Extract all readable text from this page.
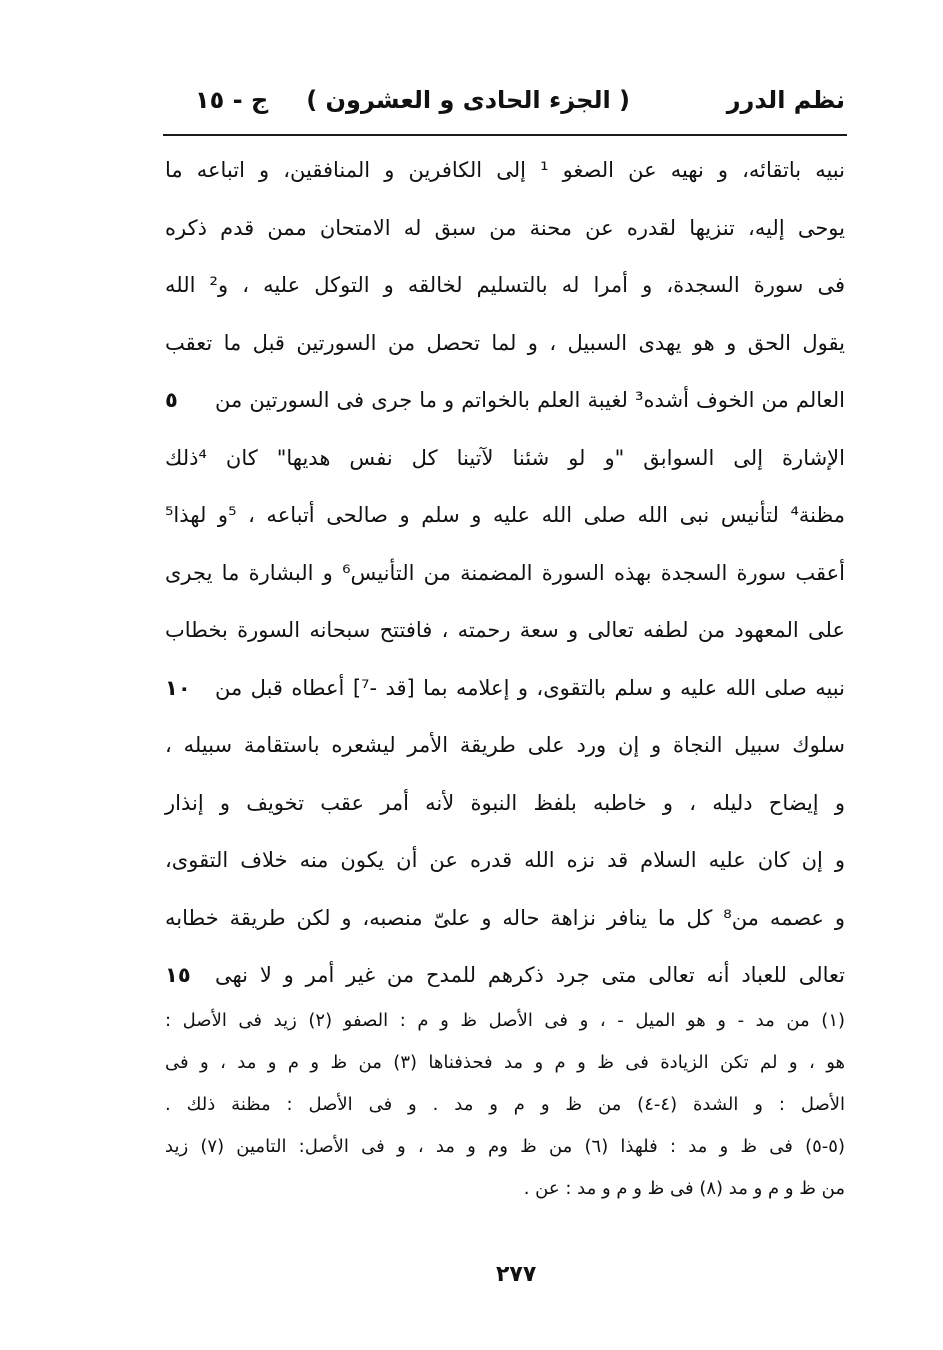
نظم الدرر
( الجزء الحادى و العشرون )
ج - ١٥
نبيه باتقائه، و نهيه عن الصغو ¹ إلى الكافرين و المنافقين، و اتباعه ما
يوحى إليه، تنزيها لقدره عن محنة من سبق له الامتحان ممن قدم ذكره
فى سورة السجدة، و أمرا له بالتسليم لخالقه و التوكل عليه ، و² الله
يقول الحق و هو يهدى السبيل ، و لما تحصل من السورتين قبل ما تعقب
العالم من الخوف أشده³ لغيبة العلم بالخواتم و ما جرى فى السورتين من
٥
الإشارة إلى السوابق "و لو شئنا لآتينا كل نفس هديها" كان ⁴ذلك
مظنة⁴ لتأنيس نبى الله صلى الله عليه و سلم و صالحى أتباعه ، ⁵و لهذا⁵
أعقب سورة السجدة بهذه السورة المضمنة من التأنيس⁶ و البشارة ما يجرى
على المعهود من لطفه تعالى و سعة رحمته ، فافتتح سبحانه السورة بخطاب
نبيه صلى الله عليه و سلم بالتقوى، و إعلامه بما [قد -⁷] أعطاه قبل من
١٠
سلوك سبيل النجاة و إن ورد على طريقة الأمر ليشعره باستقامة سبيله ،
و إيضاح دليله ، و خاطبه بلفظ النبوة لأنه أمر عقب تخويف و إنذار
و إن كان عليه السلام قد نزه الله قدره عن أن يكون منه خلاف التقوى،
و عصمه من⁸ كل ما ينافر نزاهة حاله و علىّ منصبه، و لكن طريقة خطابه
تعالى للعباد أنه تعالى متى جرد ذكرهم للمدح من غير أمر و لا نهى
١٥
(١) من مد - و هو الميل - ، و فى الأصل ظ و م : الصفو (٢) زيد فى الأصل :
هو ، و لم تكن الزيادة فى ظ و م و مد فحذفناها (٣) من ظ و م و مد ، و فى
الأصل : و الشدة (٤-٤) من ظ و م و مد . و فى الأصل : مظنة ذلك .
(٥-٥) فى ظ و مد : فلهذا (٦) من ظ وم و مد ، و فى الأصل: التامين (٧) زيد
من ظ و م و مد (٨) فى ظ و م و مد : عن .
٢٧٧
